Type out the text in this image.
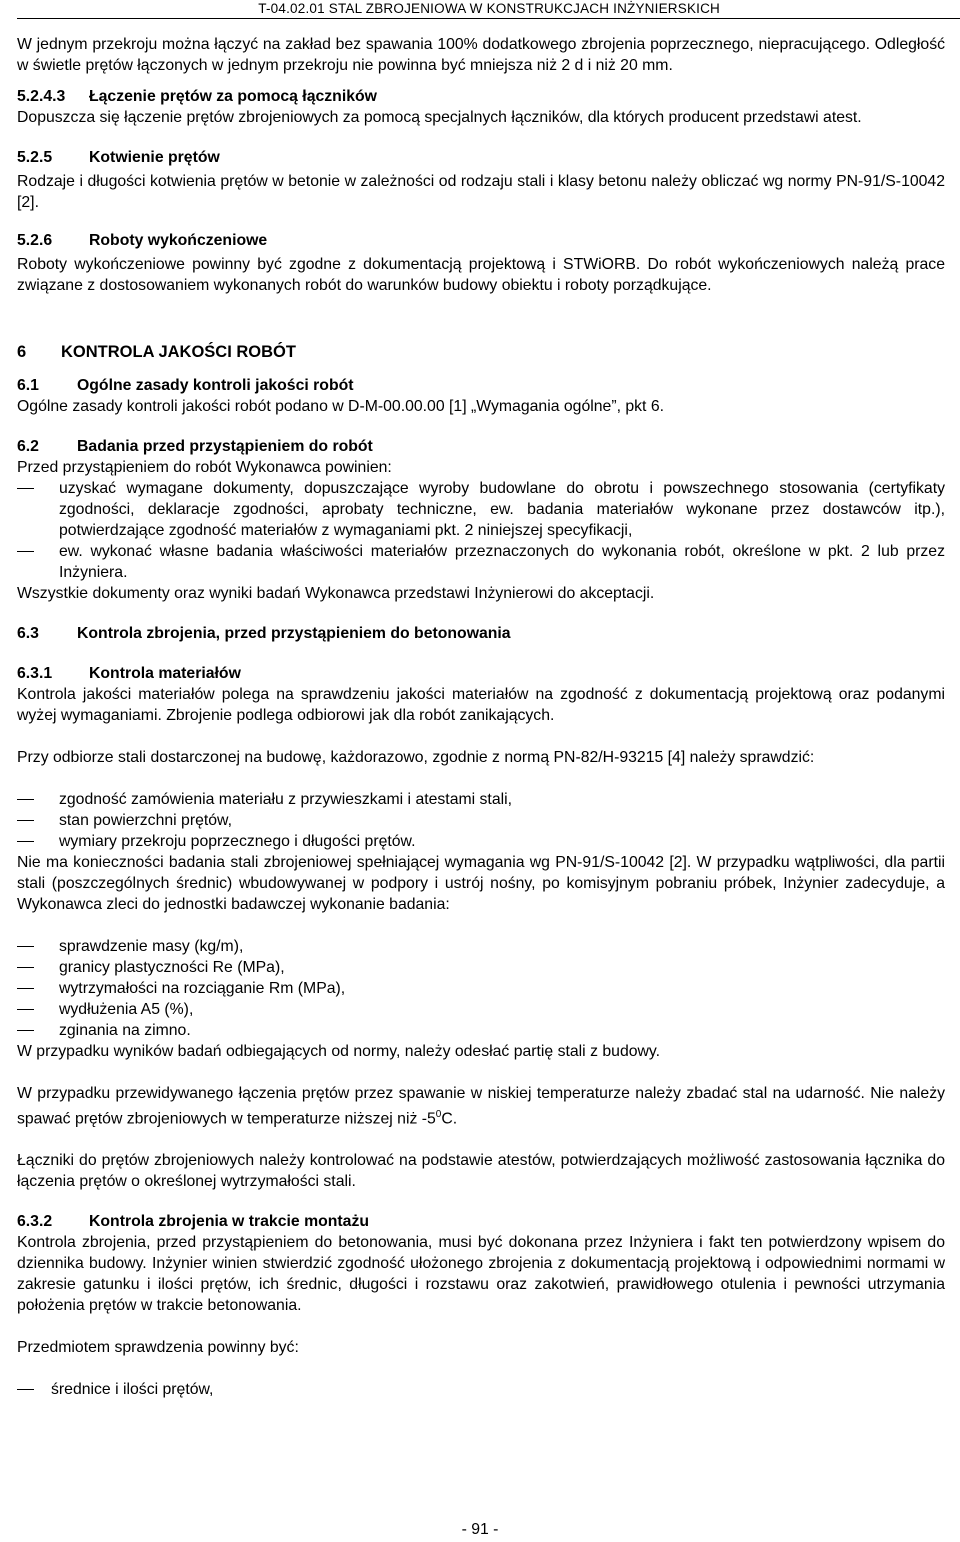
T-04.02.01 STAL ZBROJENIOWA W KONSTRUKCJACH INŻYNIERSKICH

W jednym przekroju można łączyć na zakład bez spawania 100% dodatkowego zbrojenia poprzecznego, niepracującego. Odległość w świetle prętów łączonych w jednym przekroju nie powinna być mniejsza niż 2 d i niż 20 mm.

5.2.4.3	Łączenie prętów za pomocą łączników

Dopuszcza się łączenie prętów zbrojeniowych za pomocą specjalnych łączników, dla których producent przedstawi atest.

5.2.5	Kotwienie prętów

Rodzaje i długości kotwienia prętów w betonie w zależności od rodzaju stali i klasy betonu należy obliczać wg normy PN-91/S-10042 [2].

5.2.6	Roboty wykończeniowe

Roboty wykończeniowe powinny być zgodne z dokumentacją projektową i STWiORB. Do robót wykończeniowych należą prace związane z dostosowaniem wykonanych robót do warunków budowy obiektu i roboty porządkujące.

6	KONTROLA JAKOŚCI ROBÓT
6.1	Ogólne zasady kontroli jakości robót

Ogólne zasady kontroli jakości robót podano w D-M-00.00.00 [1] „Wymagania ogólne”, pkt 6.

6.2	Badania przed przystąpieniem do robót

Przed przystąpieniem do robót Wykonawca powinien:

uzyskać wymagane dokumenty, dopuszczające wyroby budowlane do obrotu i powszechnego stosowania (certyfikaty zgodności, deklaracje zgodności, aprobaty techniczne, ew. badania materiałów wykonane przez dostawców itp.), potwierdzające zgodność materiałów z wymaganiami pkt. 2 niniejszej specyfikacji,
ew. wykonać własne badania właściwości materiałów przeznaczonych do wykonania robót, określone w pkt. 2 lub przez Inżyniera.

Wszystkie dokumenty oraz wyniki badań Wykonawca przedstawi Inżynierowi do akceptacji.

6.3	Kontrola zbrojenia, przed przystąpieniem do betonowania
6.3.1	Kontrola materiałów

Kontrola jakości materiałów polega na sprawdzeniu jakości materiałów na zgodność z dokumentacją projektową oraz podanymi wyżej wymaganiami. Zbrojenie podlega odbiorowi jak dla robót zanikających.

Przy odbiorze stali dostarczonej na budowę, każdorazowo, zgodnie z normą PN-82/H-93215 [4] należy sprawdzić:

zgodność zamówienia materiału z przywieszkami i atestami stali,
stan powierzchni prętów,
wymiary przekroju poprzecznego i długości prętów.

Nie ma konieczności badania stali zbrojeniowej spełniającej wymagania wg PN-91/S-10042 [2]. W przypadku wątpliwości, dla partii stali (poszczególnych średnic) wbudowywanej w podpory i ustrój nośny, po komisyjnym pobraniu próbek, Inżynier zadecyduje, a Wykonawca zleci do jednostki badawczej wykonanie badania:

sprawdzenie masy (kg/m),
granicy plastyczności Re (MPa),
wytrzymałości na rozciąganie Rm (MPa),
wydłużenia A5 (%),
zginania na zimno.

W przypadku wyników badań odbiegających od normy, należy odesłać partię stali z budowy.

W przypadku przewidywanego łączenia prętów przez spawanie w niskiej temperaturze należy zbadać stal na udarność. Nie należy spawać prętów zbrojeniowych w temperaturze niższej niż $-5^0C$.

Łączniki do prętów zbrojeniowych należy kontrolować na podstawie atestów, potwierdzających możliwość zastosowania łącznika do łączenia prętów o określonej wytrzymałości stali.

6.3.2	Kontrola zbrojenia w trakcie montażu

Kontrola zbrojenia, przed przystąpieniem do betonowania, musi być dokonana przez Inżyniera i fakt ten potwierdzony wpisem do dziennika budowy. Inżynier winien stwierdzić zgodność ułożonego zbrojenia z dokumentacją projektową i odpowiednimi normami w zakresie gatunku i ilości prętów, ich średnic, długości i rozstawu oraz zakotwień, prawidłowego otulenia i pewności utrzymania położenia prętów w trakcie betonowania.

Przedmiotem sprawdzenia powinny być:

średnice i ilości prętów,
- 91 -
